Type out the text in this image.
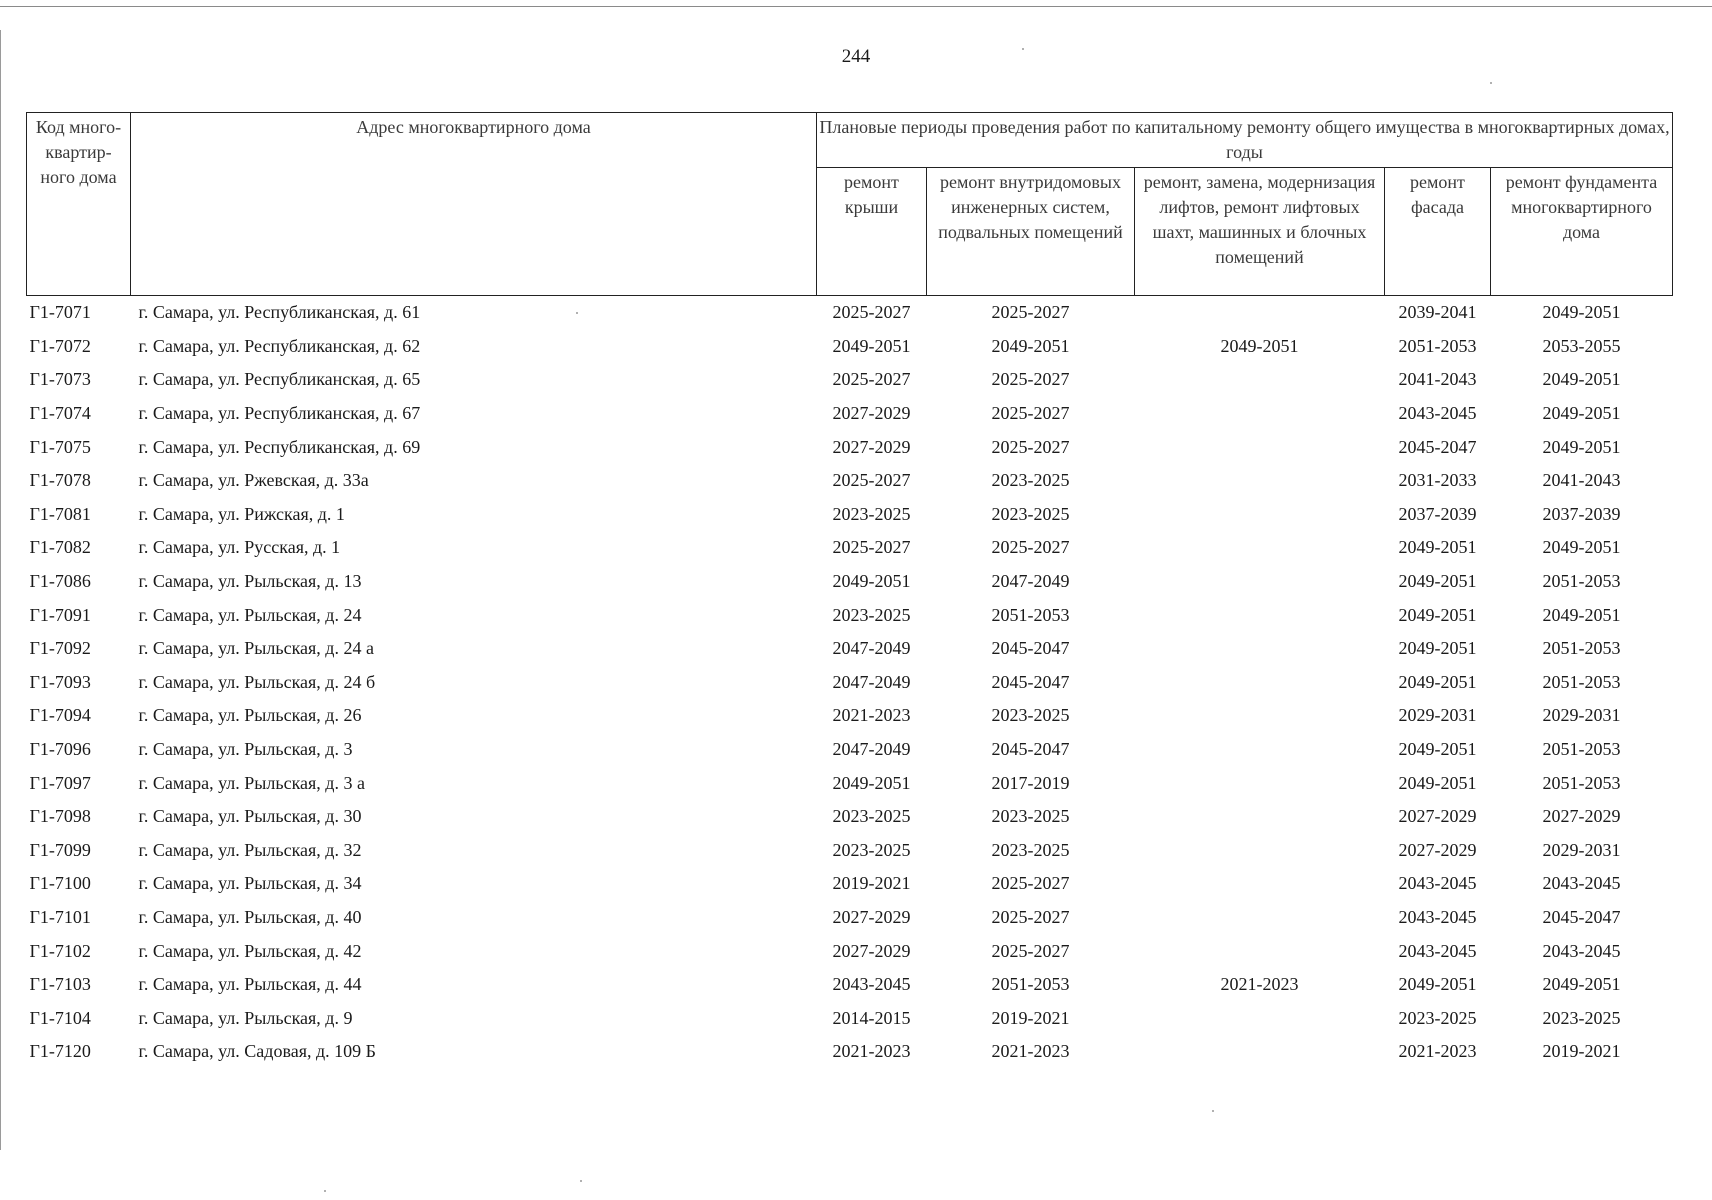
244
Код много-квартир-ного дома	Адрес многоквартирного дома	Плановые периоды проведения работ по капитальному ремонту общего имущества в многоквартирных домах, годы				
		ремонт крыши	ремонт внутридомовых инженерных систем, подвальных помещений	ремонт, замена, модернизация лифтов, ремонт лифтовых шахт, машинных и блочных помещений	ремонт фасада	ремонт фундамента многоквартирного дома
Г1-7071	г. Самара, ул. Республиканская, д. 61	2025-2027	2025-2027		2039-2041	2049-2051
Г1-7072	г. Самара, ул. Республиканская, д. 62	2049-2051	2049-2051	2049-2051	2051-2053	2053-2055
Г1-7073	г. Самара, ул. Республиканская, д. 65	2025-2027	2025-2027		2041-2043	2049-2051
Г1-7074	г. Самара, ул. Республиканская, д. 67	2027-2029	2025-2027		2043-2045	2049-2051
Г1-7075	г. Самара, ул. Республиканская, д. 69	2027-2029	2025-2027		2045-2047	2049-2051
Г1-7078	г. Самара, ул. Ржевская, д. 33а	2025-2027	2023-2025		2031-2033	2041-2043
Г1-7081	г. Самара, ул. Рижская, д. 1	2023-2025	2023-2025		2037-2039	2037-2039
Г1-7082	г. Самара, ул. Русская, д. 1	2025-2027	2025-2027		2049-2051	2049-2051
Г1-7086	г. Самара, ул. Рыльская, д. 13	2049-2051	2047-2049		2049-2051	2051-2053
Г1-7091	г. Самара, ул. Рыльская, д. 24	2023-2025	2051-2053		2049-2051	2049-2051
Г1-7092	г. Самара, ул. Рыльская, д. 24 а	2047-2049	2045-2047		2049-2051	2051-2053
Г1-7093	г. Самара, ул. Рыльская, д. 24 б	2047-2049	2045-2047		2049-2051	2051-2053
Г1-7094	г. Самара, ул. Рыльская, д. 26	2021-2023	2023-2025		2029-2031	2029-2031
Г1-7096	г. Самара, ул. Рыльская, д. 3	2047-2049	2045-2047		2049-2051	2051-2053
Г1-7097	г. Самара, ул. Рыльская, д. 3 а	2049-2051	2017-2019		2049-2051	2051-2053
Г1-7098	г. Самара, ул. Рыльская, д. 30	2023-2025	2023-2025		2027-2029	2027-2029
Г1-7099	г. Самара, ул. Рыльская, д. 32	2023-2025	2023-2025		2027-2029	2029-2031
Г1-7100	г. Самара, ул. Рыльская, д. 34	2019-2021	2025-2027		2043-2045	2043-2045
Г1-7101	г. Самара, ул. Рыльская, д. 40	2027-2029	2025-2027		2043-2045	2045-2047
Г1-7102	г. Самара, ул. Рыльская, д. 42	2027-2029	2025-2027		2043-2045	2043-2045
Г1-7103	г. Самара, ул. Рыльская, д. 44	2043-2045	2051-2053	2021-2023	2049-2051	2049-2051
Г1-7104	г. Самара, ул. Рыльская, д. 9	2014-2015	2019-2021		2023-2025	2023-2025
Г1-7120	г. Самара, ул. Садовая, д. 109 Б	2021-2023	2021-2023		2021-2023	2019-2021
